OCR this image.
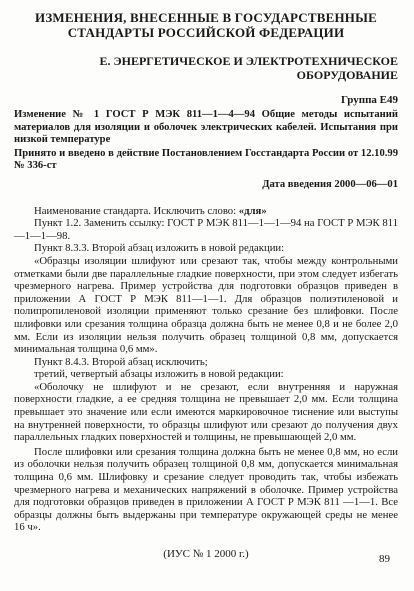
ИЗМЕНЕНИЯ, ВНЕСЕННЫЕ В ГОСУДАРСТВЕННЫЕ

СТАНДАРТЫ РОССИЙСКОЙ ФЕДЕРАЦИИ

Е. ЭНЕРГЕТИЧЕСКОЕ И ЭЛЕКТРОТЕХНИЧЕСКОЕ

ОБОРУДОВАНИЕ

Группа Е49

Изменение № 1 ГОСТ Р МЭК 811—1—4—94 Общие методы испытаний материалов для изоляции и оболочек электрических кабелей. Испытания при низкой температуре

Принято и введено в действие Постановлением Госстандарта России от 12.10.99 № 336-ст

Дата введения 2000—06—01

Наименование стандарта. Исключить слово: «для»

Пункт 1.2. Заменить ссылку: ГОСТ Р МЭК 811—1—1—94 на ГОСТ Р МЭК 811—1—1—98.

Пункт 8.3.3. Второй абзац изложить в новой редакции:

«Образцы изоляции шлифуют или срезают так, чтобы между контрольными отметками были две параллельные гладкие поверхности, при этом следует избегать чрезмерного нагрева. Пример устройства для подготовки образцов приведен в приложении А ГОСТ Р МЭК 811—1—1. Для образцов полиэтиленовой и полипропиленовой изоляции применяют только срезание без шлифовки. После шлифовки или срезания толщина образца должна быть не менее 0,8 и не более 2,0 мм. Если из изоляции нельзя получить образец толщиной 0,8 мм, допускается минимальная толщина 0,6 мм».

Пункт 8.4.3. Второй абзац исключить;

третий, четвертый абзацы изложить в новой редакции:

«Оболочку не шлифуют и не срезают, если внутренняя и наружная поверхности гладкие, а ее средняя толщина не превышает 2,0 мм. Если толщина превышает это значение или если имеются маркировочное тиснение или выступы на внутренней поверхности, то образцы шлифуют или срезают до получения двух параллельных гладких поверхностей и толщины, не превышающей 2,0 мм.

После шлифовки или срезания толщина должна быть не менее 0,8 мм, но если из оболочки нельзя получить образец толщиной 0,8 мм, допускается минимальная толщина 0,6 мм. Шлифовку и срезание следует проводить так, чтобы избежать чрезмерного нагрева и механических напряжений в оболочке. Пример устройства для подготовки образцов приведен в приложении А ГОСТ Р МЭК 811 —1—1. Все образцы должны быть выдержаны при температуре окружающей среды не менее 16 ч».

(ИУС № 1 2000 г.)	89
